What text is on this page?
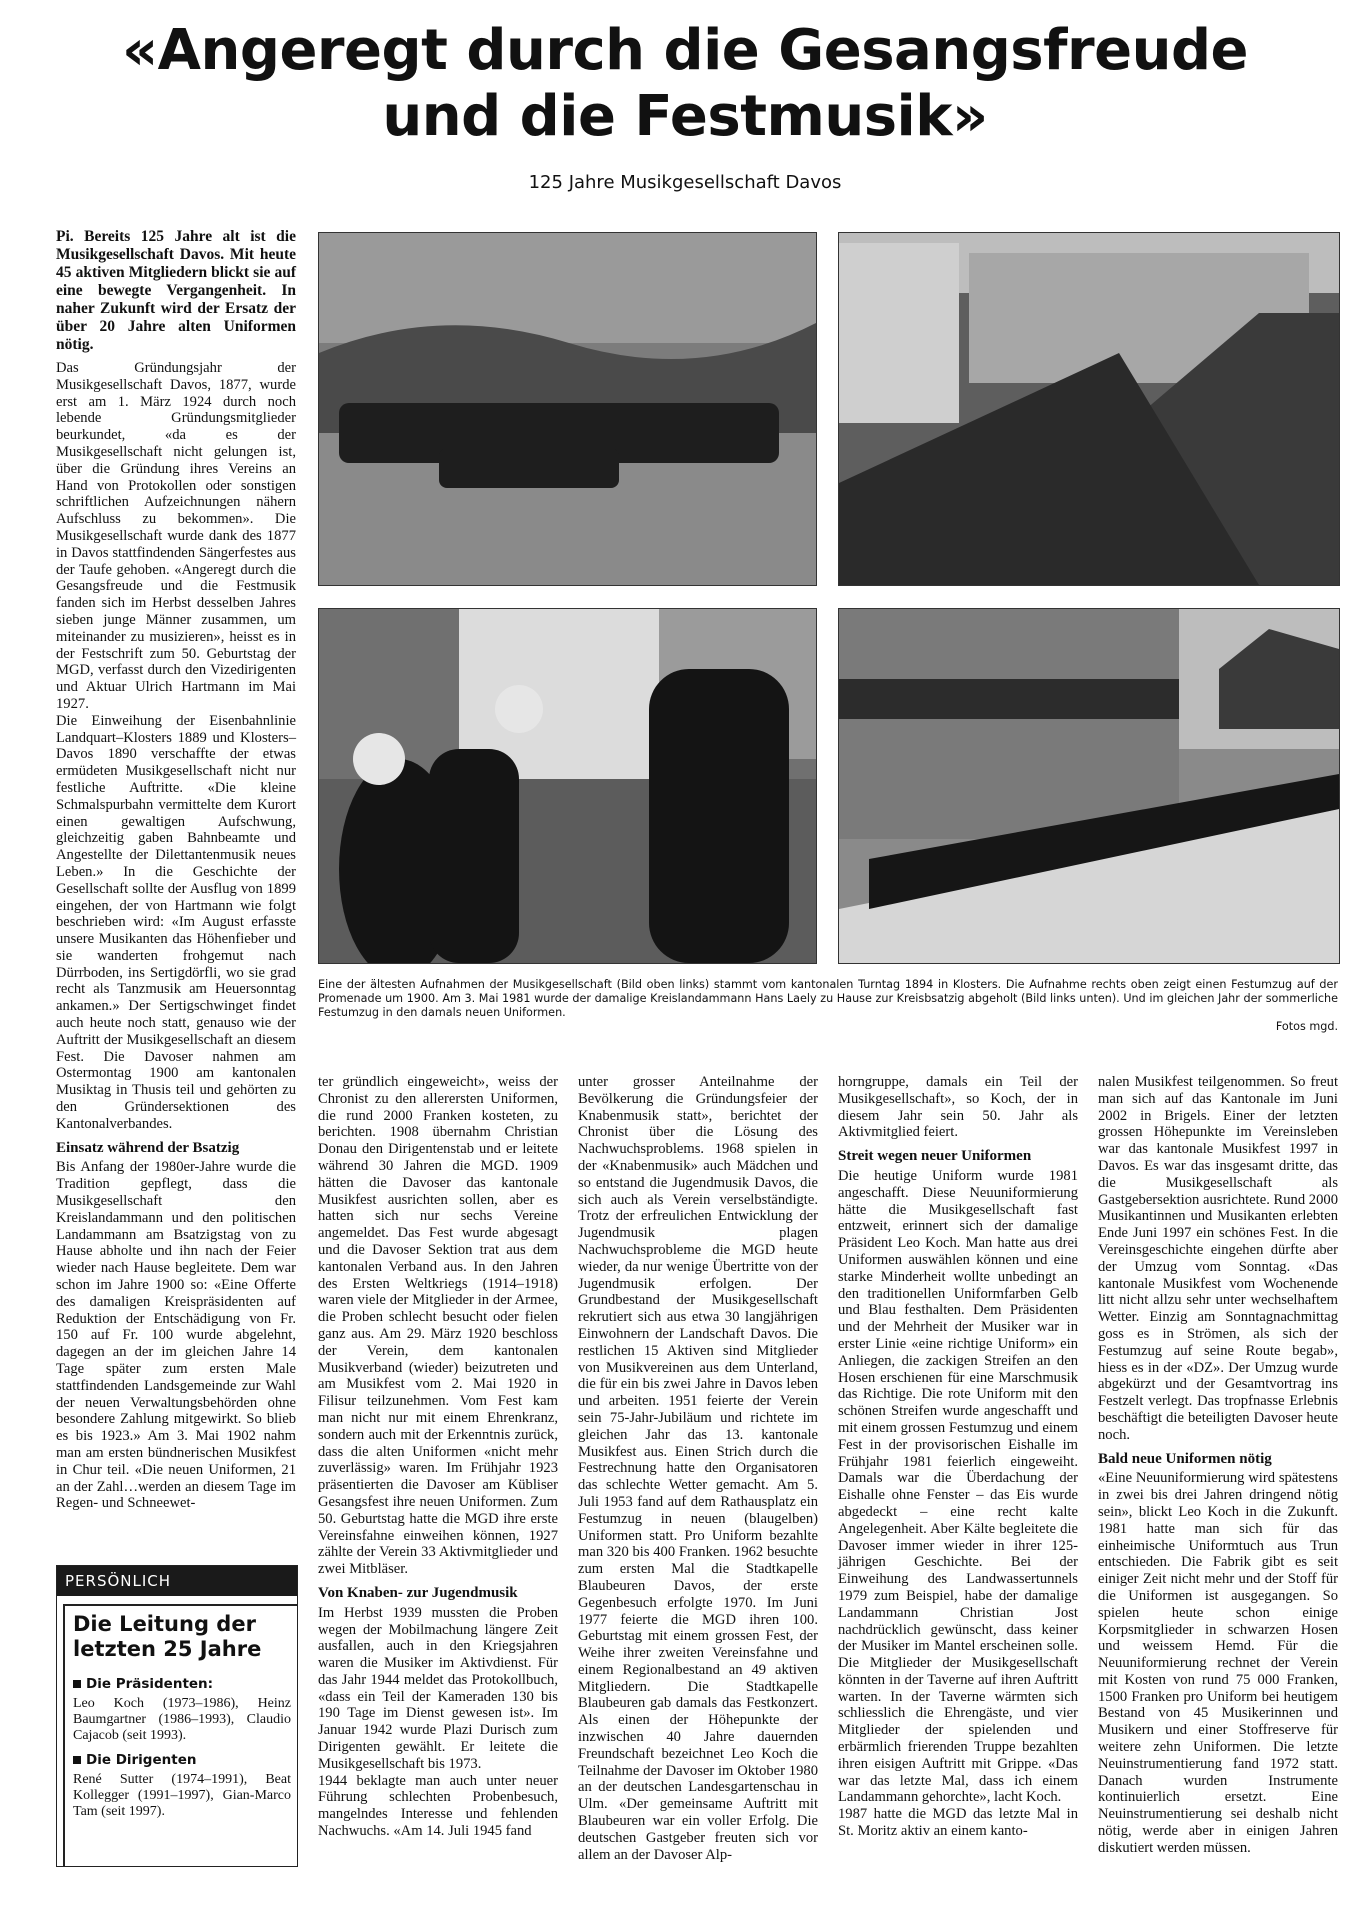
«Angeregt durch die Gesangsfreude
und die Festmusik»
125 Jahre Musikgesellschaft Davos

Pi. Bereits 125 Jahre alt ist die Musikgesellschaft Davos. Mit heute 45 aktiven Mitgliedern blickt sie auf eine bewegte Vergangenheit. In naher Zukunft wird der Ersatz der über 20 Jahre alten Uniformen nötig.

Das Gründungsjahr der Musikgesellschaft Davos, 1877, wurde erst am 1. März 1924 durch noch lebende Gründungsmitglieder beurkundet, «da es der Musikgesellschaft nicht gelungen ist, über die Gründung ihres Vereins an Hand von Protokollen oder sonstigen schriftlichen Aufzeichnungen nähern Aufschluss zu bekommen». Die Musikgesellschaft wurde dank des 1877 in Davos stattfindenden Sängerfestes aus der Taufe gehoben. «Angeregt durch die Gesangsfreude und die Festmusik fanden sich im Herbst desselben Jahres sieben junge Männer zusammen, um miteinander zu musizieren», heisst es in der Festschrift zum 50. Geburtstag der MGD, verfasst durch den Vizedirigenten und Aktuar Ulrich Hartmann im Mai 1927.

Die Einweihung der Eisenbahnlinie Landquart–Klosters 1889 und Klosters–Davos 1890 verschaffte der etwas ermüdeten Musikgesellschaft nicht nur festliche Auftritte. «Die kleine Schmalspurbahn vermittelte dem Kurort einen gewaltigen Aufschwung, gleichzeitig gaben Bahnbeamte und Angestellte der Dilettantenmusik neues Leben.» In die Geschichte der Gesellschaft sollte der Ausflug von 1899 eingehen, der von Hartmann wie folgt beschrieben wird: «Im August erfasste unsere Musikanten das Höhenfieber und sie wanderten frohgemut nach Dürrboden, ins Sertigdörfli, wo sie grad recht als Tanzmusik am Heuersonntag ankamen.» Der Sertigschwinget findet auch heute noch statt, genauso wie der Auftritt der Musikgesellschaft an diesem Fest. Die Davoser nahmen am Ostermontag 1900 am kantonalen Musiktag in Thusis teil und gehörten zu den Gründersektionen des Kantonalverbandes.

Einsatz während der Bsatzig

Bis Anfang der 1980er-Jahre wurde die Tradition gepflegt, dass die Musikgesellschaft den Kreislandammann und den politischen Landammann am Bsatzigstag von zu Hause abholte und ihn nach der Feier wieder nach Hause begleitete. Dem war schon im Jahre 1900 so: «Eine Offerte des damaligen Kreispräsidenten auf Reduktion der Entschädigung von Fr. 150 auf Fr. 100 wurde abgelehnt, dagegen an der im gleichen Jahre 14 Tage später zum ersten Male stattfindenden Landsgemeinde zur Wahl der neuen Verwaltungsbehörden ohne besondere Zahlung mitgewirkt. So blieb es bis 1923.» Am 3. Mai 1902 nahm man am ersten bündnerischen Musikfest in Chur teil. «Die neuen Uniformen, 21 an der Zahl…werden an diesem Tage im Regen- und Schneewet-

Eine der ältesten Aufnahmen der Musikgesellschaft (Bild oben links) stammt vom kantonalen Turntag 1894 in Klosters. Die Aufnahme rechts oben zeigt einen Festumzug auf der Promenade um 1900. Am 3. Mai 1981 wurde der damalige Kreislandammann Hans Laely zu Hause zur Kreisbsatzig abgeholt (Bild links unten). Und im gleichen Jahr der sommerliche Festumzug in den damals neuen Uniformen.
Fotos mgd.

ter gründlich eingeweicht», weiss der Chronist zu den allerersten Uniformen, die rund 2000 Franken kosteten, zu berichten. 1908 übernahm Christian Donau den Dirigentenstab und er leitete während 30 Jahren die MGD. 1909 hätten die Davoser das kantonale Musikfest ausrichten sollen, aber es hatten sich nur sechs Vereine angemeldet. Das Fest wurde abgesagt und die Davoser Sektion trat aus dem kantonalen Verband aus. In den Jahren des Ersten Weltkriegs (1914–1918) waren viele der Mitglieder in der Armee, die Proben schlecht besucht oder fielen ganz aus. Am 29. März 1920 beschloss der Verein, dem kantonalen Musikverband (wieder) beizutreten und am Musikfest vom 2. Mai 1920 in Filisur teilzunehmen. Vom Fest kam man nicht nur mit einem Ehrenkranz, sondern auch mit der Erkenntnis zurück, dass die alten Uniformen «nicht mehr zuverlässig» waren. Im Frühjahr 1923 präsentierten die Davoser am Kübliser Gesangsfest ihre neuen Uniformen. Zum 50. Geburtstag hatte die MGD ihre erste Vereinsfahne einweihen können, 1927 zählte der Verein 33 Aktivmitglieder und zwei Mitbläser.

Von Knaben- zur Jugendmusik

Im Herbst 1939 mussten die Proben wegen der Mobilmachung längere Zeit ausfallen, auch in den Kriegsjahren waren die Musiker im Aktivdienst. Für das Jahr 1944 meldet das Protokollbuch, «dass ein Teil der Kameraden 130 bis 190 Tage im Dienst gewesen ist». Im Januar 1942 wurde Plazi Durisch zum Dirigenten gewählt. Er leitete die Musikgesellschaft bis 1973.

1944 beklagte man auch unter neuer Führung schlechten Probenbesuch, mangelndes Interesse und fehlenden Nachwuchs. «Am 14. Juli 1945 fand

unter grosser Anteilnahme der Bevölkerung die Gründungsfeier der Knabenmusik statt», berichtet der Chronist über die Lösung des Nachwuchsproblems. 1968 spielen in der «Knabenmusik» auch Mädchen und so entstand die Jugendmusik Davos, die sich auch als Verein verselbständigte. Trotz der erfreulichen Entwicklung der Jugendmusik plagen Nachwuchsprobleme die MGD heute wieder, da nur wenige Übertritte von der Jugendmusik erfolgen. Der Grundbestand der Musikgesellschaft rekrutiert sich aus etwa 30 langjährigen Einwohnern der Landschaft Davos. Die restlichen 15 Aktiven sind Mitglieder von Musikvereinen aus dem Unterland, die für ein bis zwei Jahre in Davos leben und arbeiten. 1951 feierte der Verein sein 75-Jahr-Jubiläum und richtete im gleichen Jahr das 13. kantonale Musikfest aus. Einen Strich durch die Festrechnung hatte den Organisatoren das schlechte Wetter gemacht. Am 5. Juli 1953 fand auf dem Rathausplatz ein Festumzug in neuen (blaugelben) Uniformen statt. Pro Uniform bezahlte man 320 bis 400 Franken. 1962 besuchte zum ersten Mal die Stadtkapelle Blaubeuren Davos, der erste Gegenbesuch erfolgte 1970. Im Juni 1977 feierte die MGD ihren 100. Geburtstag mit einem grossen Fest, der Weihe ihrer zweiten Vereinsfahne und einem Regionalbestand an 49 aktiven Mitgliedern. Die Stadtkapelle Blaubeuren gab damals das Festkonzert. Als einen der Höhepunkte der inzwischen 40 Jahre dauernden Freundschaft bezeichnet Leo Koch die Teilnahme der Davoser im Oktober 1980 an der deutschen Landesgartenschau in Ulm. «Der gemeinsame Auftritt mit Blaubeuren war ein voller Erfolg. Die deutschen Gastgeber freuten sich vor allem an der Davoser Alp-

horngruppe, damals ein Teil der Musikgesellschaft», so Koch, der in diesem Jahr sein 50. Jahr als Aktivmitglied feiert.

Streit wegen neuer Uniformen

Die heutige Uniform wurde 1981 angeschafft. Diese Neuuniformierung hätte die Musikgesellschaft fast entzweit, erinnert sich der damalige Präsident Leo Koch. Man hatte aus drei Uniformen auswählen können und eine starke Minderheit wollte unbedingt an den traditionellen Uniformfarben Gelb und Blau festhalten. Dem Präsidenten und der Mehrheit der Musiker war in erster Linie «eine richtige Uniform» ein Anliegen, die zackigen Streifen an den Hosen erschienen für eine Marschmusik das Richtige. Die rote Uniform mit den schönen Streifen wurde angeschafft und mit einem grossen Festumzug und einem Fest in der provisorischen Eishalle im Frühjahr 1981 feierlich eingeweiht. Damals war die Überdachung der Eishalle ohne Fenster – das Eis wurde abgedeckt – eine recht kalte Angelegenheit. Aber Kälte begleitete die Davoser immer wieder in ihrer 125-jährigen Geschichte. Bei der Einweihung des Landwassertunnels 1979 zum Beispiel, habe der damalige Landammann Christian Jost nachdrücklich gewünscht, dass keiner der Musiker im Mantel erscheinen solle. Die Mitglieder der Musikgesellschaft könnten in der Taverne auf ihren Auftritt warten. In der Taverne wärmten sich schliesslich die Ehrengäste, und vier Mitglieder der spielenden und erbärmlich frierenden Truppe bezahlten ihren eisigen Auftritt mit Grippe. «Das war das letzte Mal, dass ich einem Landammann gehorchte», lacht Koch.

1987 hatte die MGD das letzte Mal in St. Moritz aktiv an einem kanto-

nalen Musikfest teilgenommen. So freut man sich auf das Kantonale im Juni 2002 in Brigels. Einer der letzten grossen Höhepunkte im Vereinsleben war das kantonale Musikfest 1997 in Davos. Es war das insgesamt dritte, das die Musikgesellschaft als Gastgebersektion ausrichtete. Rund 2000 Musikantinnen und Musikanten erlebten Ende Juni 1997 ein schönes Fest. In die Vereinsgeschichte eingehen dürfte aber der Umzug vom Sonntag. «Das kantonale Musikfest vom Wochenende litt nicht allzu sehr unter wechselhaftem Wetter. Einzig am Sonntagnachmittag goss es in Strömen, als sich der Festumzug auf seine Route begab», hiess es in der «DZ». Der Umzug wurde abgekürzt und der Gesamtvortrag ins Festzelt verlegt. Das tropfnasse Erlebnis beschäftigt die beteiligten Davoser heute noch.

Bald neue Uniformen nötig

«Eine Neuuniformierung wird spätestens in zwei bis drei Jahren dringend nötig sein», blickt Leo Koch in die Zukunft. 1981 hatte man sich für das einheimische Uniformtuch aus Trun entschieden. Die Fabrik gibt es seit einiger Zeit nicht mehr und der Stoff für die Uniformen ist ausgegangen. So spielen heute schon einige Korpsmitglieder in schwarzen Hosen und weissem Hemd. Für die Neuuniformierung rechnet der Verein mit Kosten von rund 75 000 Franken, 1500 Franken pro Uniform bei heutigem Bestand von 45 Musikerinnen und Musikern und einer Stoffreserve für weitere zehn Uniformen. Die letzte Neuinstrumentierung fand 1972 statt. Danach wurden Instrumente kontinuierlich ersetzt. Eine Neuinstrumentierung sei deshalb nicht nötig, werde aber in einigen Jahren diskutiert werden müssen.

PERSÖNLICH
Die Leitung der letzten 25 Jahre
Die Präsidenten:
Leo Koch (1973–1986), Heinz Baumgartner (1986–1993), Claudio Cajacob (seit 1993).
Die Dirigenten
René Sutter (1974–1991), Beat Kollegger (1991–1997), Gian-Marco Tam (seit 1997).
